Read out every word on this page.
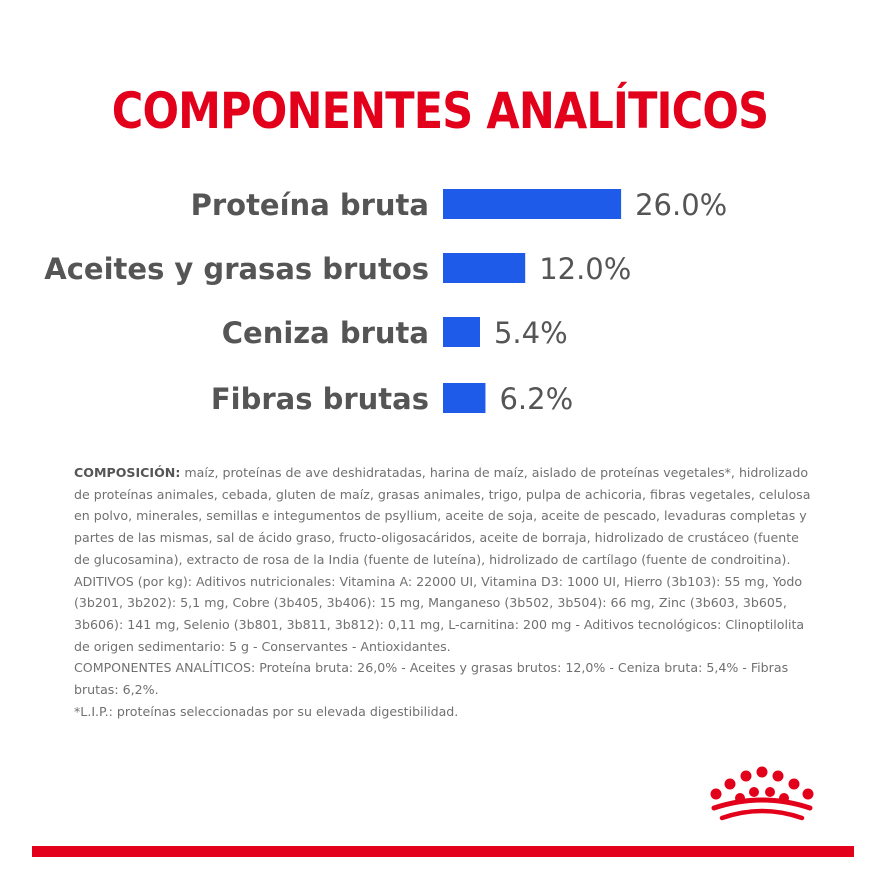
COMPONENTES ANALÍTICOS
Proteína bruta	26.0%
Aceites y grasas brutos	12.0%
Ceniza bruta 5.4%
Fibras brutas 6.2%

COMPOSICIÓN: maíz, proteínas de ave deshidratadas, harina de maíz, aislado de proteínas vegetales*, hidrolizado de proteínas animales, cebada, gluten de maíz, grasas animales, trigo, pulpa de achicoria, fibras vegetales, celulosa en polvo, minerales, semillas e integumentos de psyllium, aceite de soja, aceite de pescado, levaduras completas y partes de las mismas, sal de ácido graso, fructo-oligosacáridos, aceite de borraja, hidrolizado de crustáceo (fuente de glucosamina), extracto de rosa de la India (fuente de luteína), hidrolizado de cartílago (fuente de condroitina).

ADITIVOS (por kg): Aditivos nutricionales: Vitamina A: 22000 UI, Vitamina D3: 1000 UI, Hierro (3b103): 55 mg, Yodo (3b201, 3b202): 5,1 mg, Cobre (3b405, 3b406): 15 mg, Manganeso (3b502, 3b504): 66 mg, Zinc (3b603, 3b605, 3b606): 141 mg, Selenio (3b801, 3b811, 3b812): 0,11 mg, L-carnitina: 200 mg - Aditivos tecnológicos: Clinoptilolita de origen sedimentario: 5 g - Conservantes - Antioxidantes.

COMPONENTES ANALÍTICOS: Proteína bruta: 26,0% - Aceites y grasas brutos: 12,0% - Ceniza bruta: 5,4% - Fibras brutas: 6,2%.

*L.I.P.: proteínas seleccionadas por su elevada digestibilidad.
